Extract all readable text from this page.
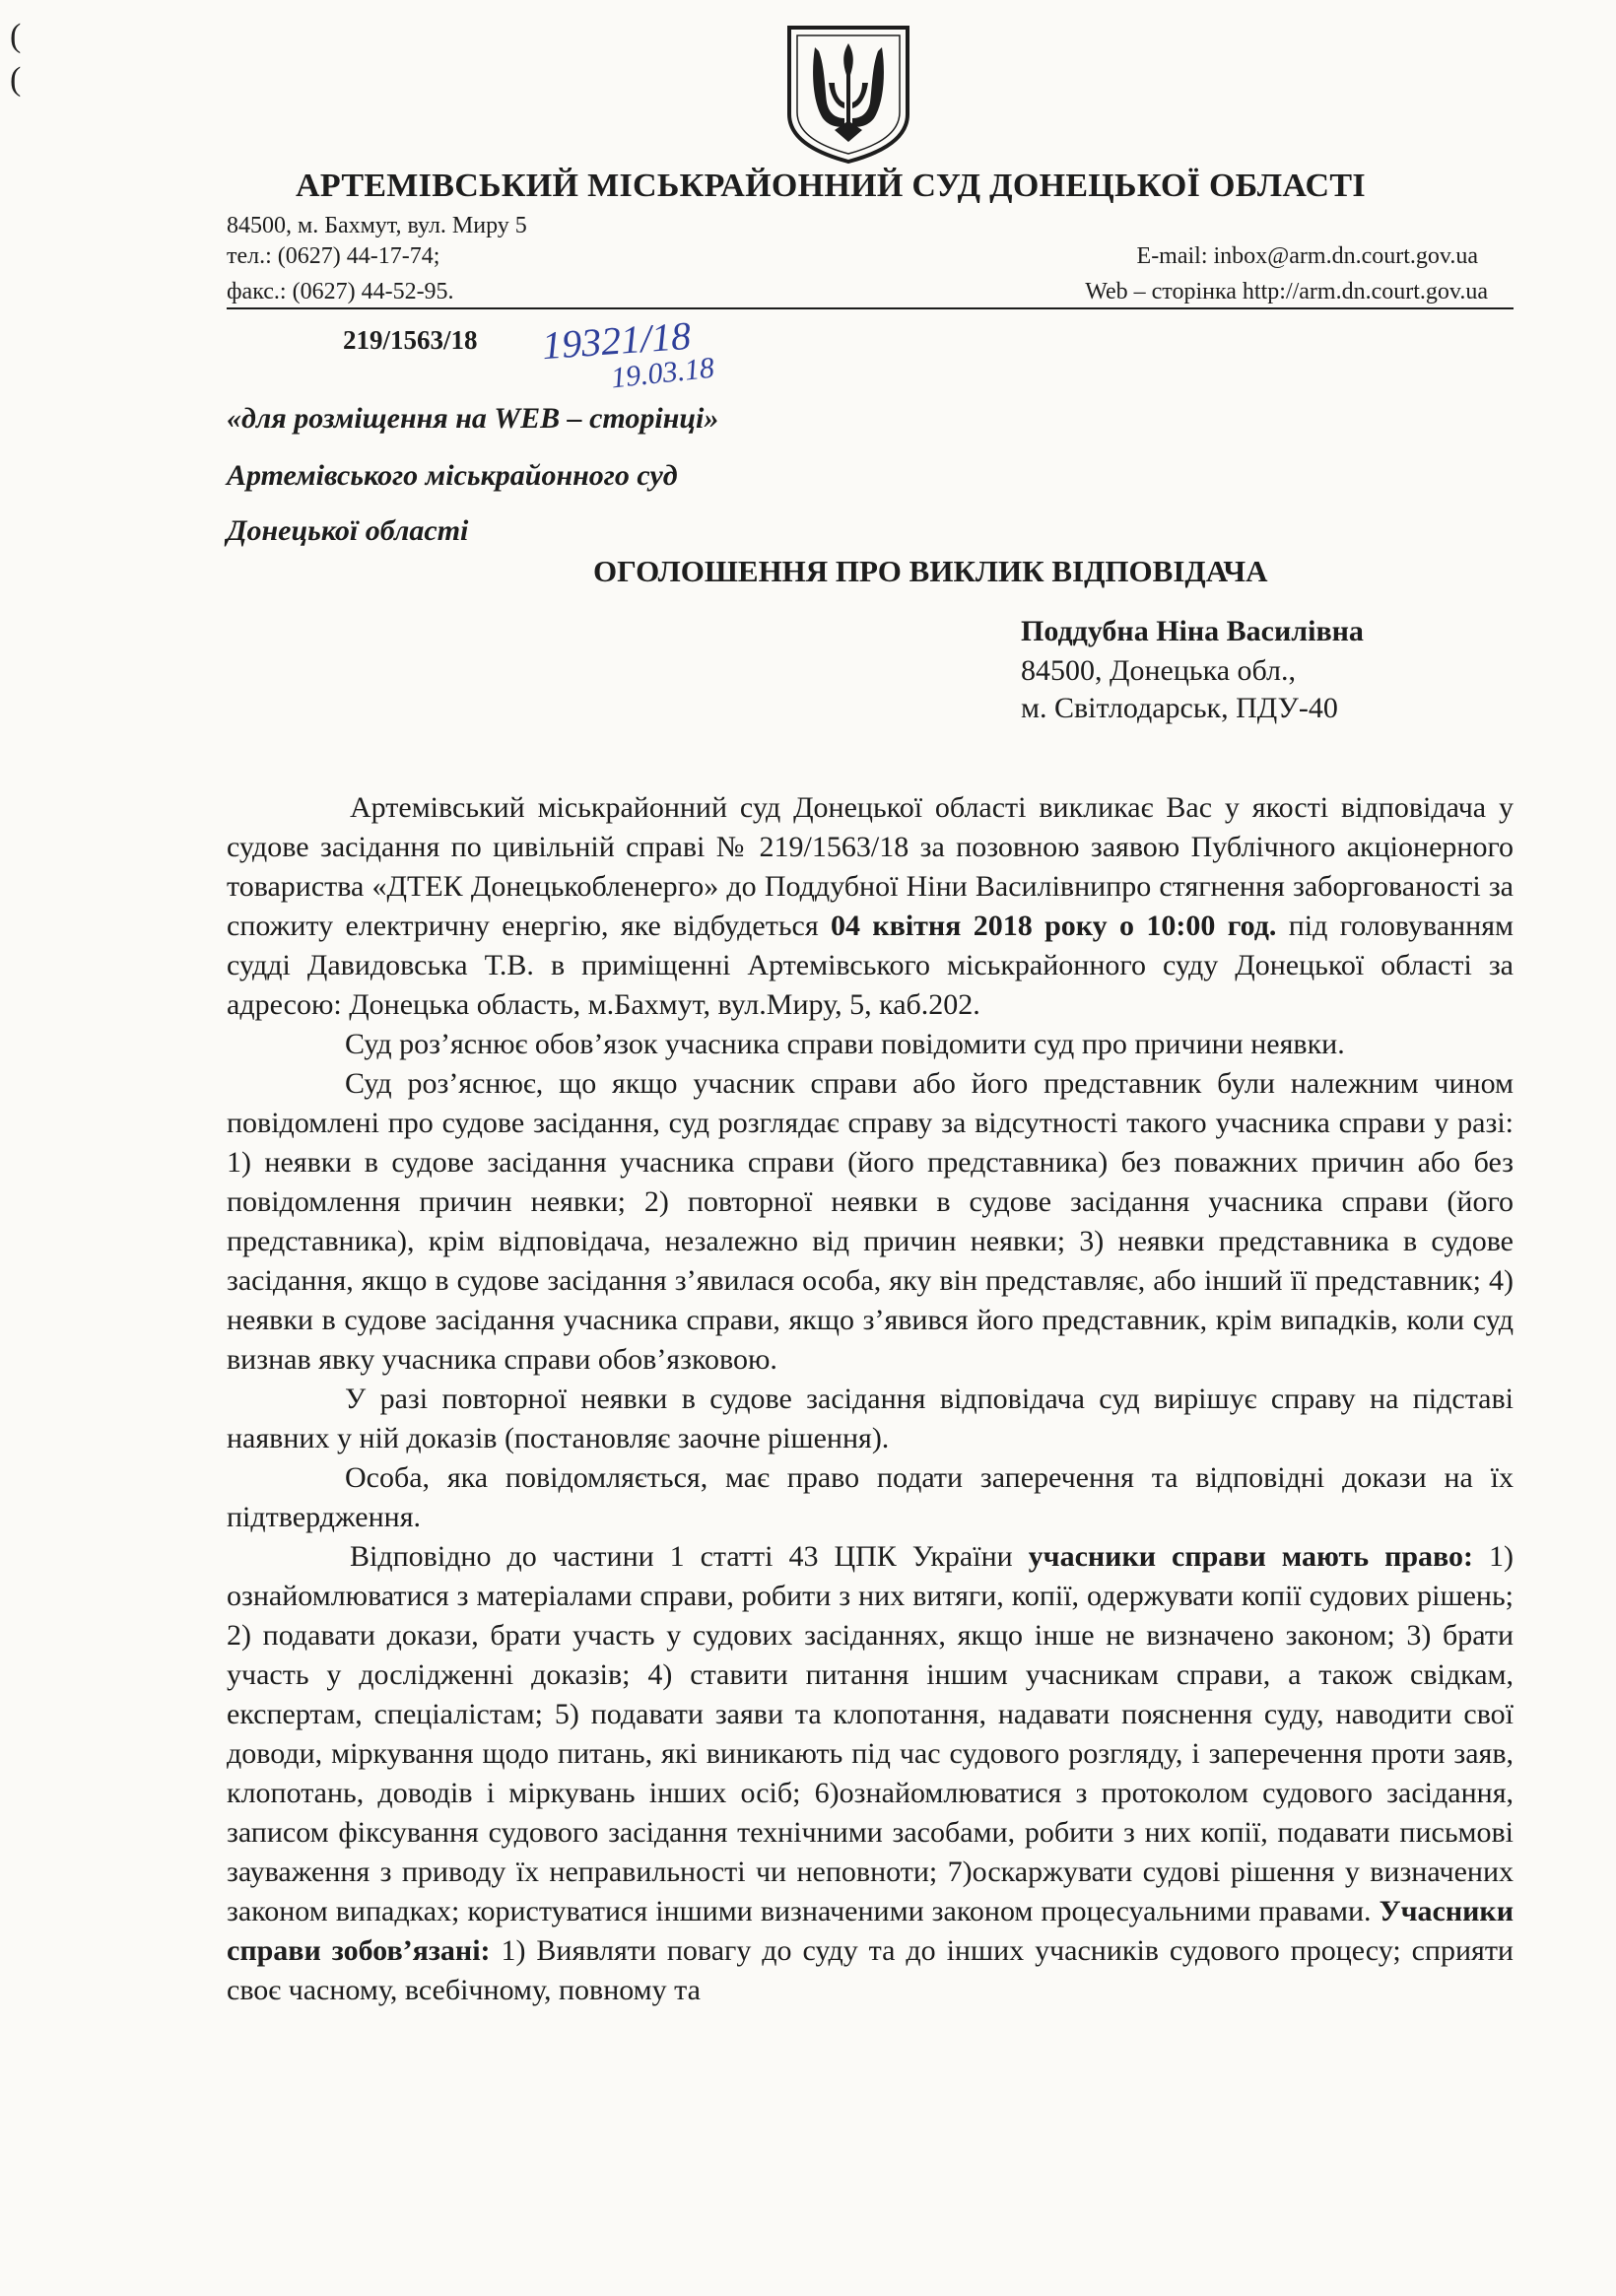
(
(
АРТЕМІВСЬКИЙ МІСЬКРАЙОННИЙ СУД ДОНЕЦЬКОЇ ОБЛАСТІ
84500, м. Бахмут, вул. Миру 5
тел.: (0627) 44-17-74;
факс.: (0627) 44-52-95.
E-mail: inbox@arm.dn.court.gov.ua
Web – сторінка http://arm.dn.court.gov.ua
219/1563/18 19321/18
19.03.18
«для розміщення на WEB – сторінці»
Артемівського міськрайонного суд
Донецької області
ОГОЛОШЕННЯ ПРО ВИКЛИК ВІДПОВІДАЧА
Поддубна Ніна Василівна
84500, Донецька обл.,
м. Світлодарськ, ПДУ-40

Артемівський міськрайонний суд Донецької області викликає Вас у якості відповідача у судове засідання по цивільній справі № 219/1563/18 за позовною заявою Публічного акціонерного товариства «ДТЕК Донецькобленерго» до Поддубної Ніни Василівнипро стягнення заборгованості за спожиту електричну енергію, яке відбудеться 04 квітня 2018 року о 10:00 год. під головуванням судді Давидовська Т.В. в приміщенні Артемівського міськрайонного суду Донецької області за адресою: Донецька область, м.Бахмут, вул.Миру, 5, каб.202.

Суд роз’яснює обов’язок учасника справи повідомити суд про причини неявки.

Суд роз’яснює, що якщо учасник справи або його представник були належним чином повідомлені про судове засідання, суд розглядає справу за відсутності такого учасника справи у разі: 1) неявки в судове засідання учасника справи (його представника) без поважних причин або без повідомлення причин неявки; 2) повторної неявки в судове засідання учасника справи (його представника), крім відповідача, незалежно від причин неявки; 3) неявки представника в судове засідання, якщо в судове засідання з’явилася особа, яку він представляє, або інший її представник; 4) неявки в судове засідання учасника справи, якщо з’явився його представник, крім випадків, коли суд визнав явку учасника справи обов’язковою.

У разі повторної неявки в судове засідання відповідача суд вирішує справу на підставі наявних у ній доказів (постановляє заочне рішення).

Особа, яка повідомляється, має право подати заперечення та відповідні докази на їх підтвердження.

Відповідно до частини 1 статті 43 ЦПК України учасники справи мають право: 1) ознайомлюватися з матеріалами справи, робити з них витяги, копії, одержувати копії судових рішень; 2) подавати докази, брати участь у судових засіданнях, якщо інше не визначено законом; 3) брати участь у дослідженні доказів; 4) ставити питання іншим учасникам справи, а також свідкам, експертам, спеціалістам; 5) подавати заяви та клопотання, надавати пояснення суду, наводити свої доводи, міркування щодо питань, які виникають під час судового розгляду, і заперечення проти заяв, клопотань, доводів і міркувань інших осіб; 6)ознайомлюватися з протоколом судового засідання, записом фіксування судового засідання технічними засобами, робити з них копії, подавати письмові зауваження з приводу їх неправильності чи неповноти; 7)оскаржувати судові рішення у визначених законом випадках; користуватися іншими визначеними законом процесуальними правами. Учасники справи зобов’язані: 1) Виявляти повагу до суду та до інших учасників судового процесу; сприяти своє часному, всебічному, повному та
